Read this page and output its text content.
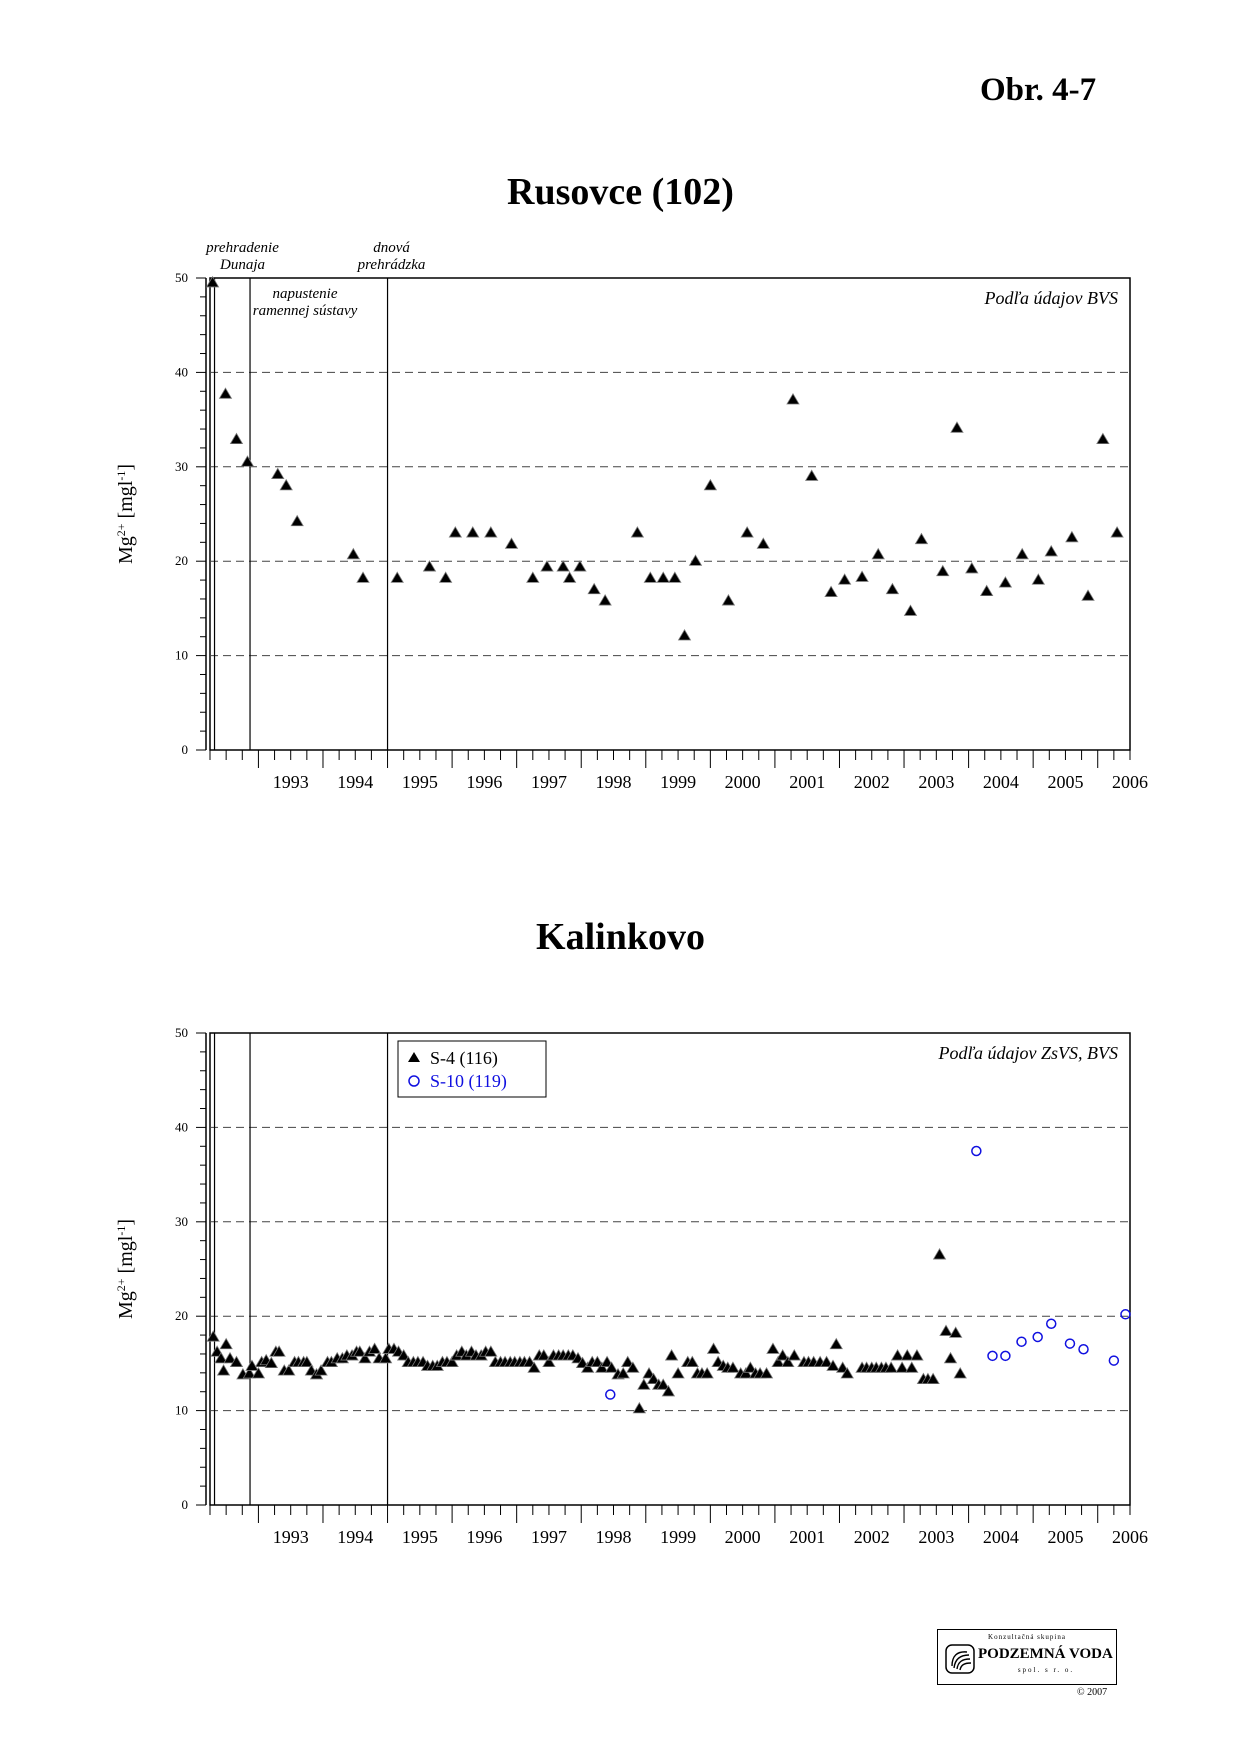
Obr. 4-7
Rusovce (102)
0
10
20
30
40
50
$Mg^{2+}$ [mgl$^{-1}$]
1993 1994 1995 1996 1997 1998 1999 2000 2001 2002 2003 2004 2005 2006
prehradenie
Dunaja
napustenie
ramennej sústavy
dnová
prehrádzka
Podľa údajov BVS
Kalinkovo
0
10
20
30
40
50
$Mg^{2+}$ [mgl$^{-1}$]
1993 1994 1995 1996 1997 1998 1999 2000 2001 2002 2003 2004 2005 2006
Podľa údajov ZsVS, BVS
S-4 (116)
S-10 (119)
Konzultačná skupina
PODZEMNÁ VODA
spol. s r. o.
© 2007
